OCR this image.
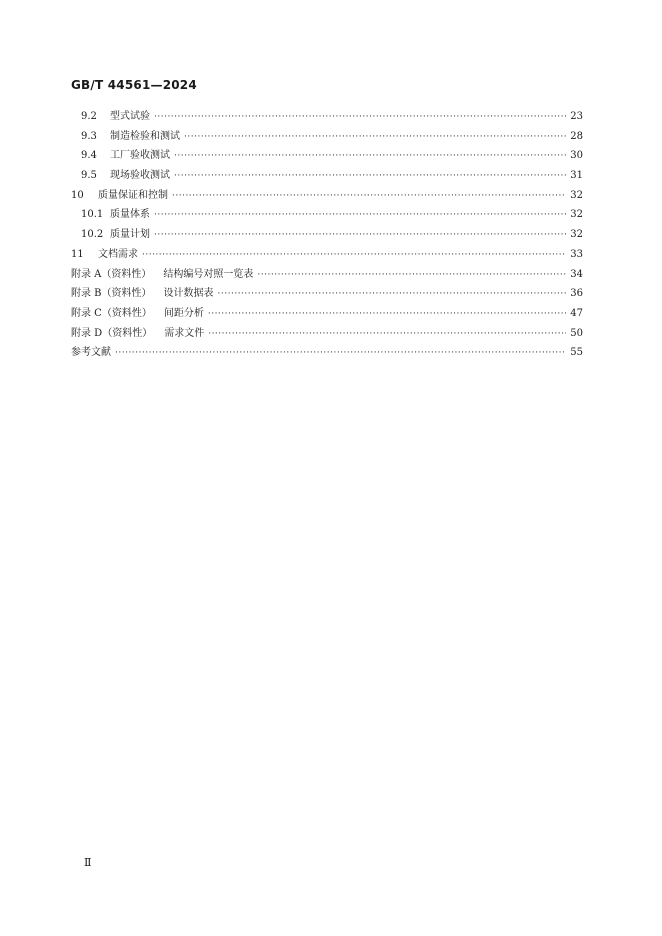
GB/T 44561—2024
9.2	型式试验 ·····	23
9.3	制造检验和测试 ·····	28
9.4	工厂验收测试 ·····	30
9.5	现场验收测试 ·····	31
10	质量保证和控制 ·····	32
10.1 质量体系 ·····	32
10.2 质量计划 ·····	32
11	文档需求 ·····	33
附录 A（资料性） 结构编号对照一览表 ·····	34
附录 B（资料性） 设计数据表 ·····	36
附录 C（资料性） 间距分析 ·····	47
附录 D（资料性） 需求文件 ·····	50
参考文献 ·····	55
Ⅱ
